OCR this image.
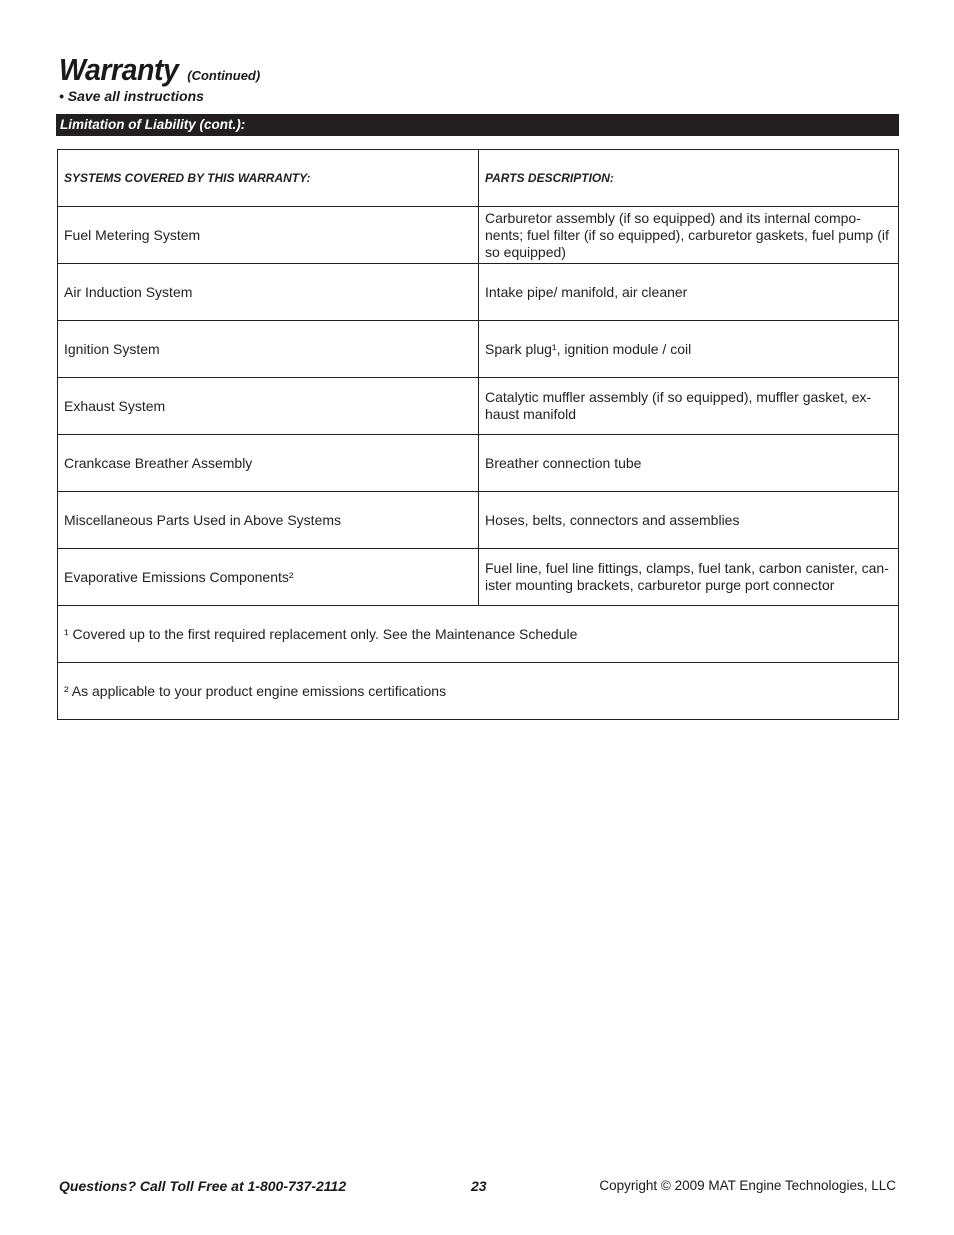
Warranty (Continued)
• Save all instructions
Limitation of Liability (cont.):
SYSTEMS COVERED BY THIS WARRANTY:	PARTS DESCRIPTION:
Fuel Metering System	Carburetor assembly (if so equipped) and its internal compo-nents; fuel filter (if so equipped), carburetor gaskets, fuel pump (if so equipped)
Air Induction System	Intake pipe/ manifold, air cleaner
Ignition System	Spark plug¹, ignition module / coil
Exhaust System	Catalytic muffler assembly (if so equipped), muffler gasket, ex-haust manifold
Crankcase Breather Assembly	Breather connection tube
Miscellaneous Parts Used in Above Systems	Hoses, belts, connectors and assemblies
Evaporative Emissions Components²	Fuel line, fuel line fittings, clamps, fuel tank, carbon canister, can-ister mounting brackets, carburetor purge port connector
¹ Covered up to the first required replacement only. See the Maintenance Schedule	
² As applicable to your product engine emissions certifications	
Questions? Call Toll Free at 1-800-737-2112	23	Copyright © 2009 MAT Engine Technologies, LLC
